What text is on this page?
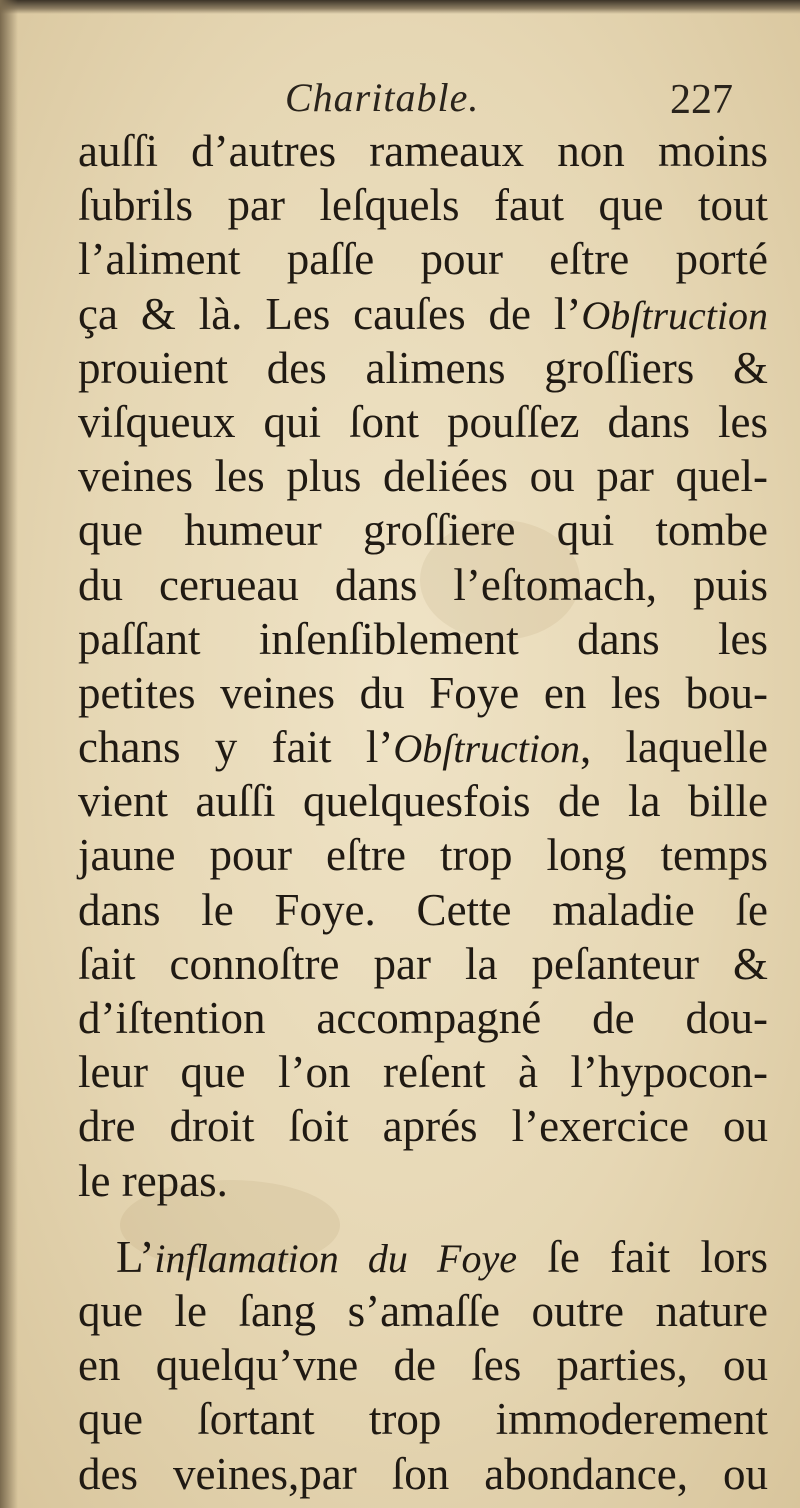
Charitable.	227
auſſi d’autres rameaux non moins
ſubrils par leſquels faut que tout
l’aliment paſſe pour eſtre porté
ça & là. Les cauſes de l’Obſtruction
prouient des alimens groſſiers &
viſqueux qui ſont pouſſez dans les
veines les plus deliées ou par quel-
que humeur groſſiere qui tombe
du cerueau dans l’eſtomach, puis
paſſant inſenſiblement dans les
petites veines du Foye en les bou-
chans y fait l’Obſtruction, laquelle
vient auſſi quelquesfois de la bille
jaune pour eſtre trop long temps
dans le Foye. Cette maladie ſe
ſait connoſtre par la peſanteur &
d’iſtention accompagné de dou-
leur que l’on reſent à l’hypocon-
dre droit ſoit aprés l’exercice ou
le repas.
L’inflamation du Foye ſe fait lors
que le ſang s’amaſſe outre nature
en quelqu’vne de ſes parties, ou
que ſortant trop immoderement
des veines,par ſon abondance, ou
